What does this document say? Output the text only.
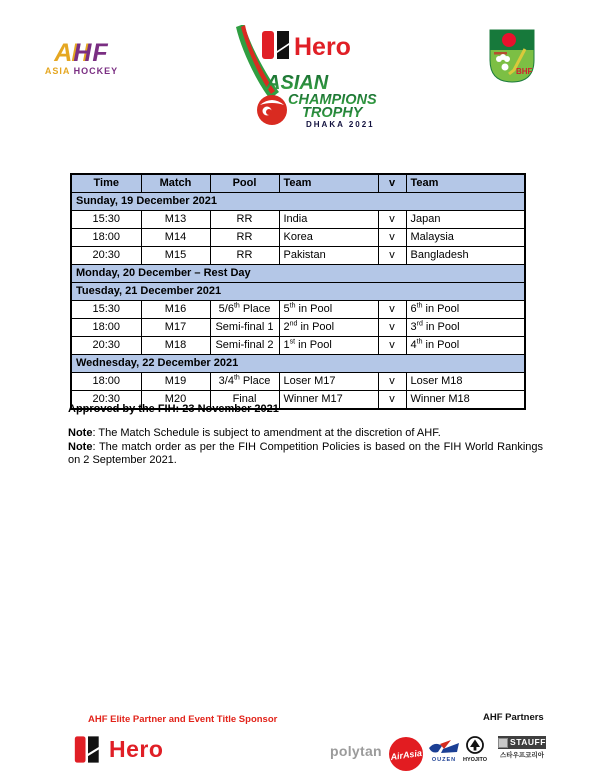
AHF
ASIA HOCKEY
Hero
ASIAN
CHAMPIONS
TROPHY
DHAKA 2021
BHF
Time	Match	Pool	Team	v	Team
Sunday, 19 December 2021					
15:30	M13	RR	India	v	Japan
18:00	M14	RR	Korea	v	Malaysia
20:30	M15	RR	Pakistan	v	Bangladesh
Monday, 20 December – Rest Day					
Tuesday, 21 December 2021					
15:30	M16	5/6th Place	5th in Pool	v	6th in Pool
18:00	M17	Semi-final 1	2nd in Pool	v	3rd in Pool
20:30	M18	Semi-final 2	1st in Pool	v	4th in Pool
Wednesday, 22 December 2021					
18:00	M19	3/4th Place	Loser M17	v	Loser M18
20:30	M20	Final	Winner M17	v	Winner M18
Approved by the FIH: 23 November 2021

Note: The Match Schedule is subject to amendment at the discretion of AHF.

Note: The match order as per the FIH Competition Policies is based on the FIH World Rankings on 2 September 2021.

AHF Elite Partner and Event Title Sponsor
Hero
AHF Partners
polytan AirAsia OUZEN HYOJITO
STAUFF
스타우프코리아
